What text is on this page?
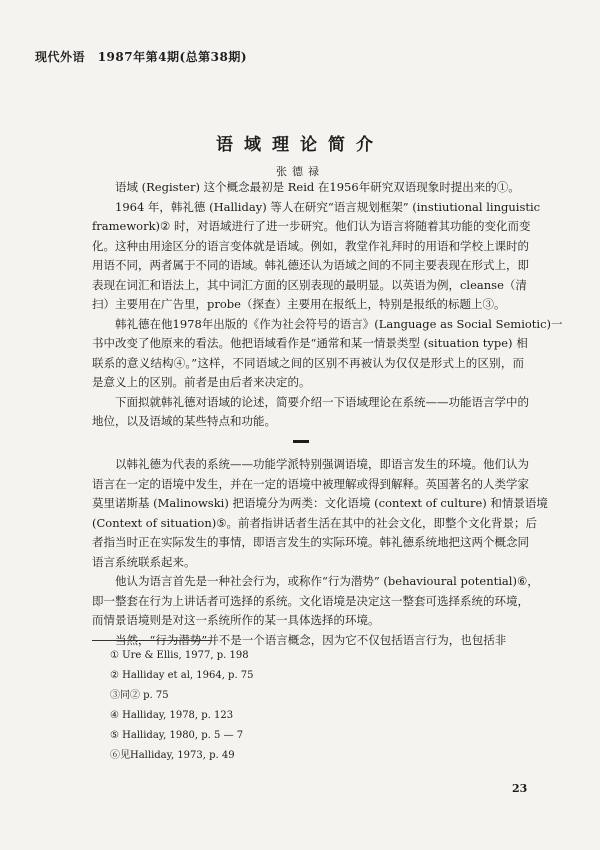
现代外语 1987年第4期(总第38期)
语域理论简介
张德禄
　　语域 (Register) 这个概念最初是 Reid 在1956年研究双语现象时提出来的①。
　　1964 年，韩礼德 (Halliday) 等人在研究“语言规划框架” (instiutional linguistic
framework)② 时，对语域进行了进一步研究。他们认为语言将随着其功能的变化而变
化。这种由用途区分的语言变体就是语域。例如，教堂作礼拜时的用语和学校上课时的
用语不同，两者属于不同的语域。韩礼德还认为语域之间的不同主要表现在形式上，即
表现在词汇和语法上，其中词汇方面的区别表现的最明显。以英语为例，cleanse（清
扫）主要用在广告里，probe（探查）主要用在报纸上，特别是报纸的标题上③。
　　韩礼德在他1978年出版的《作为社会符号的语言》(Language as Social Semiotic)一
书中改变了他原来的看法。他把语域看作是“通常和某一情景类型 (situation type) 相
联系的意义结构④。”这样，不同语域之间的区别不再被认为仅仅是形式上的区别，而
是意义上的区别。前者是由后者来决定的。
　　下面拟就韩礼德对语域的论述，简要介绍一下语域理论在系统——功能语言学中的
地位，以及语域的某些特点和功能。
　　以韩礼德为代表的系统——功能学派特别强调语境，即语言发生的环境。他们认为
语言在一定的语境中发生，并在一定的语境中被理解或得到解释。英国著名的人类学家
莫里诺斯基 (Malinowski) 把语境分为两类：文化语境 (context of culture) 和情景语境
(Context of situation)⑤。前者指讲话者生活在其中的社会文化，即整个文化背景；后
者指当时正在实际发生的事情，即语言发生的实际环境。韩礼德系统地把这两个概念同
语言系统联系起来。
　　他认为语言首先是一种社会行为，或称作“行为潜势” (behavioural potential)⑥，
即一整套在行为上讲话者可选择的系统。文化语境是决定这一整套可选择系统的环境，
而情景语境则是对这一系统所作的某一具体选择的环境。
　　当然，“行为潜势”并不是一个语言概念，因为它不仅包括语言行为，也包括非
① Ure & Ellis, 1977, p. 198
② Halliday et al, 1964, p. 75
③同② p. 75
④ Halliday, 1978, p. 123
⑤ Halliday, 1980, p. 5 — 7
⑥见Halliday, 1973, p. 49
23
